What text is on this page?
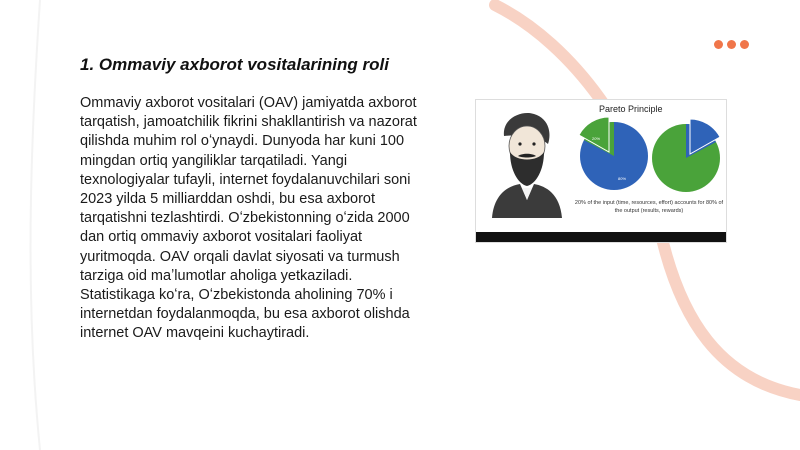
1. Ommaviy axborot vositalarining roli

Ommaviy axborot vositalari (OAV) jamiyatda axborot tarqatish, jamoatchilik fikrini shakllantirish va nazorat qilishda muhim rol oʻynaydi. Dunyoda har kuni 100 mingdan ortiq yangiliklar tarqatiladi. Yangi texnologiyalar tufayli, internet foydalanuvchilari soni 2023 yilda 5 milliarddan oshdi, bu esa axborot tarqatishni tezlashtirdi. Oʻzbekistonning oʻzida 2000 dan ortiq ommaviy axborot vositalari faoliyat yuritmoqda. OAV orqali davlat siyosati va turmush tarziga oid maʼlumotlar aholiga yetkaziladi. Statistikaga koʻra, Oʻzbekistonda aholining 70% i internetdan foydalanmoqda, bu esa axborot olishda internet OAV mavqeini kuchaytiradi.

Pareto Principle
20%
80%
20% of the input (time, resources, effort) accounts for 80% of the output (results, rewards)
